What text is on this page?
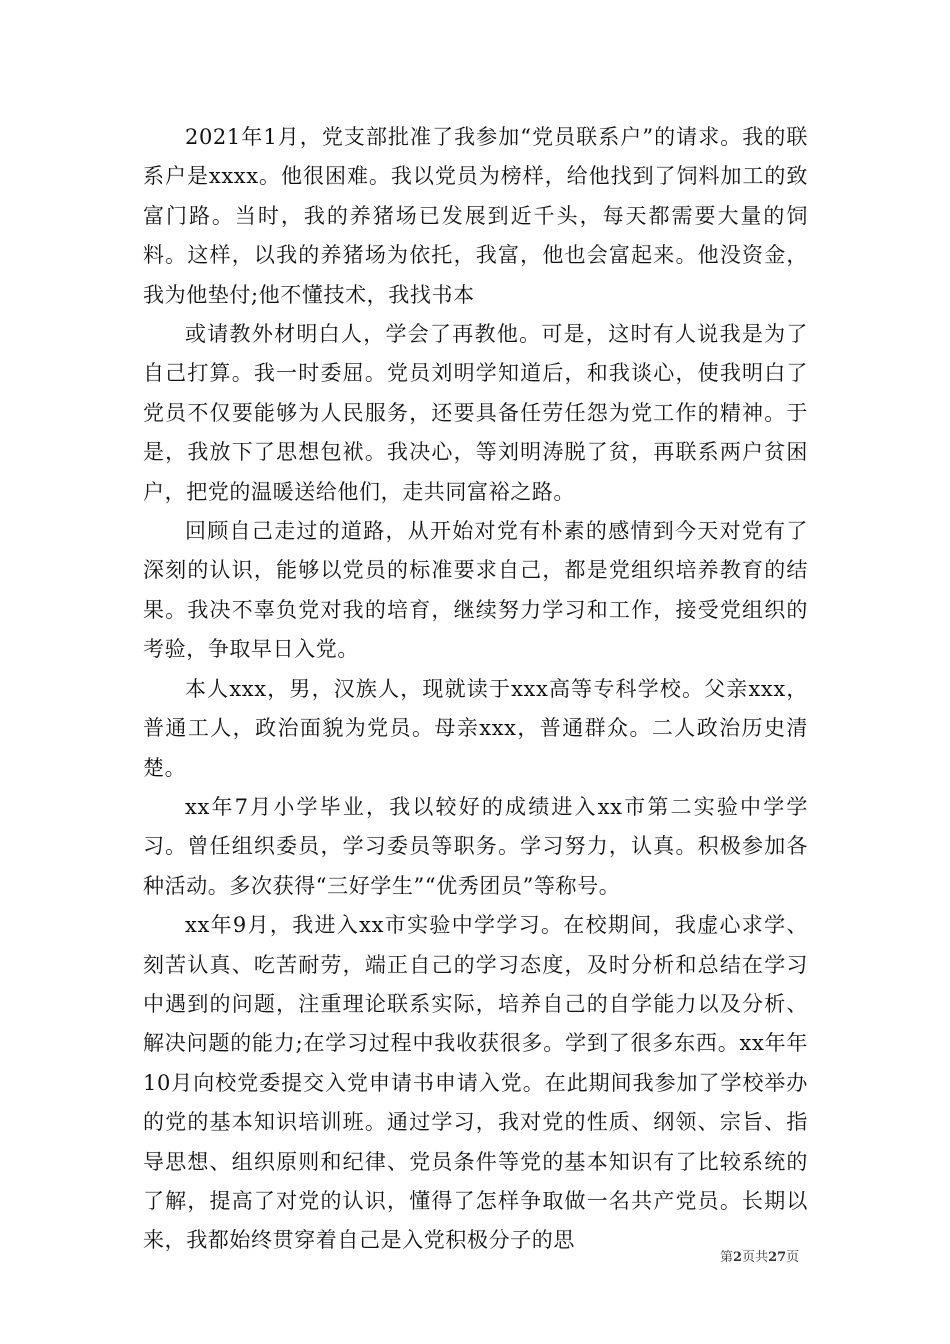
2021年1月，党支部批准了我参加“党员联系户”的请求。我的联系户是xxxx。他很困难。我以党员为榜样，给他找到了饲料加工的致富门路。当时，我的养猪场已发展到近千头，每天都需要大量的饲料。这样，以我的养猪场为依托，我富，他也会富起来。他没资金，我为他垫付;他不懂技术，我找书本

或请教外材明白人，学会了再教他。可是，这时有人说我是为了自己打算。我一时委屈。党员刘明学知道后，和我谈心，使我明白了党员不仅要能够为人民服务，还要具备任劳任怨为党工作的精神。于是，我放下了思想包袱。我决心，等刘明涛脱了贫，再联系两户贫困户，把党的温暖送给他们，走共同富裕之路。

回顾自己走过的道路，从开始对党有朴素的感情到今天对党有了深刻的认识，能够以党员的标准要求自己，都是党组织培养教育的结果。我决不辜负党对我的培育，继续努力学习和工作，接受党组织的考验，争取早日入党。

本人xxx，男，汉族人，现就读于xxx高等专科学校。父亲xxx，普通工人，政治面貌为党员。母亲xxx，普通群众。二人政治历史清楚。

xx年7月小学毕业，我以较好的成绩进入xx市第二实验中学学习。曾任组织委员，学习委员等职务。学习努力，认真。积极参加各种活动。多次获得“三好学生”“优秀团员”等称号。

xx年9月，我进入xx市实验中学学习。在校期间，我虚心求学、刻苦认真、吃苦耐劳，端正自己的学习态度，及时分析和总结在学习中遇到的问题，注重理论联系实际，培养自己的自学能力以及分析、解决问题的能力;在学习过程中我收获很多。学到了很多东西。xx年年10月向校党委提交入党申请书申请入党。在此期间我参加了学校举办的党的基本知识培训班。通过学习，我对党的性质、纲领、宗旨、指导思想、组织原则和纪律、党员条件等党的基本知识有了比较系统的了解，提高了对党的认识，懂得了怎样争取做一名共产党员。长期以来，我都始终贯穿着自己是入党积极分子的思

第2页共27页
